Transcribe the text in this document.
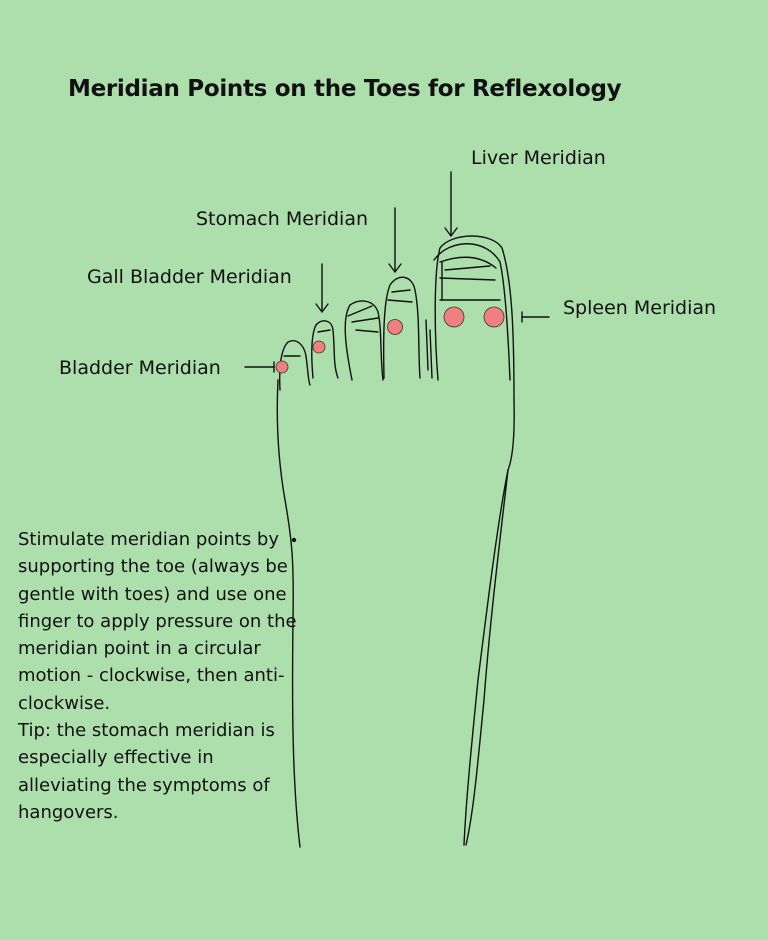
Meridian Points on the Toes for Reflexology
Liver Meridian
Stomach Meridian
Gall Bladder Meridian
Spleen Meridian
Bladder Meridian

Stimulate meridian points by supporting the toe (always be gentle with toes) and use one finger to apply pressure on the meridian point in a circular motion - clockwise, then anti-clockwise.

Tip: the stomach meridian is especially effective in alleviating the symptoms of hangovers.
